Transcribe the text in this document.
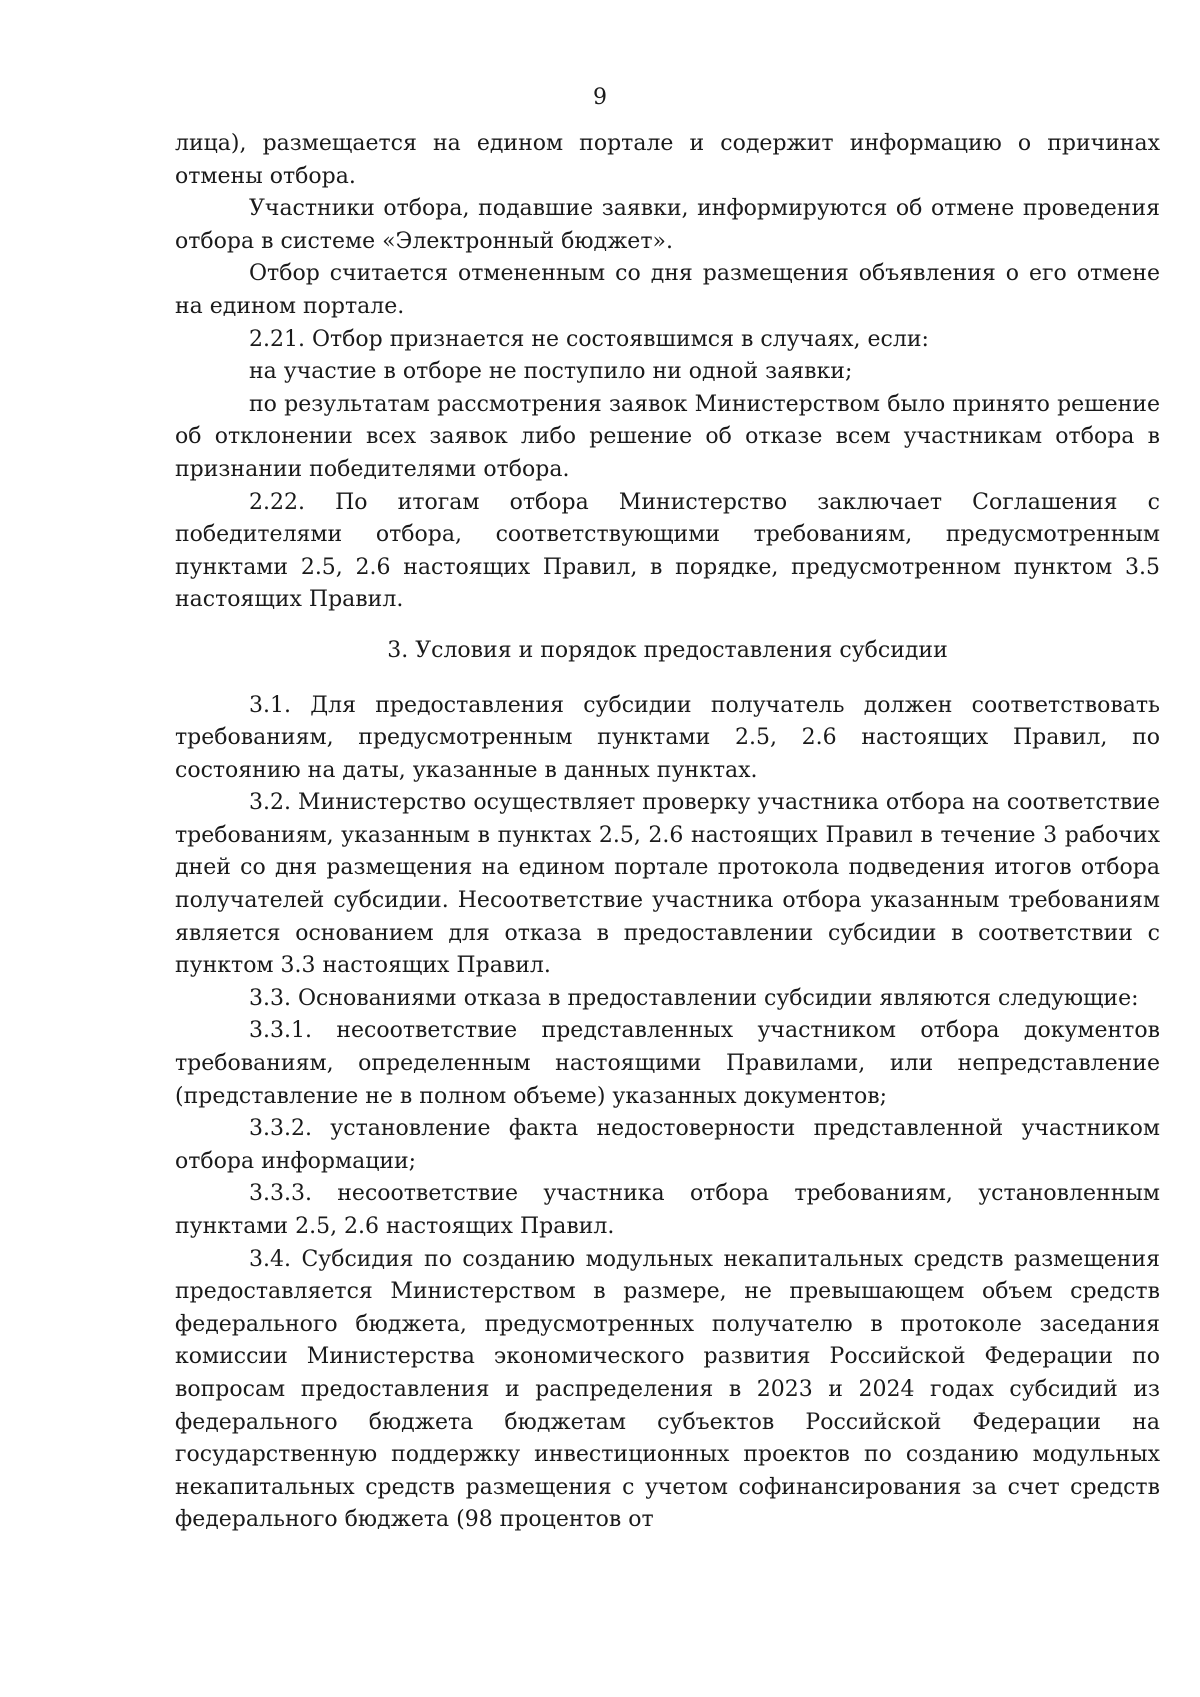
9

лица), размещается на едином портале и содержит информацию о причинах отмены отбора.

Участники отбора, подавшие заявки, информируются об отмене проведения отбора в системе «Электронный бюджет».

Отбор считается отмененным со дня размещения объявления о его отмене на едином портале.

2.21. Отбор признается не состоявшимся в случаях, если:

на участие в отборе не поступило ни одной заявки;

по результатам рассмотрения заявок Министерством было принято решение об отклонении всех заявок либо решение об отказе всем участникам отбора в признании победителями отбора.

2.22. По итогам отбора Министерство заключает Соглашения с победителями отбора, соответствующими требованиям, предусмотренным пунктами 2.5, 2.6 настоящих Правил, в порядке, предусмотренном пунктом 3.5 настоящих Правил.

3. Условия и порядок предоставления субсидии

3.1. Для предоставления субсидии получатель должен соответствовать требованиям, предусмотренным пунктами 2.5, 2.6 настоящих Правил, по состоянию на даты, указанные в данных пунктах.

3.2. Министерство осуществляет проверку участника отбора на соответствие требованиям, указанным в пунктах 2.5, 2.6 настоящих Правил в течение 3 рабочих дней со дня размещения на едином портале протокола подведения итогов отбора получателей субсидии. Несоответствие участника отбора указанным требованиям является основанием для отказа в предоставлении субсидии в соответствии с пунктом 3.3 настоящих Правил.

3.3. Основаниями отказа в предоставлении субсидии являются следующие:

3.3.1. несоответствие представленных участником отбора документов требованиям, определенным настоящими Правилами, или непредставление (представление не в полном объеме) указанных документов;

3.3.2. установление факта недостоверности представленной участником отбора информации;

3.3.3. несоответствие участника отбора требованиям, установленным пунктами 2.5, 2.6 настоящих Правил.

3.4. Субсидия по созданию модульных некапитальных средств размещения предоставляется Министерством в размере, не превышающем объем средств федерального бюджета, предусмотренных получателю в протоколе заседания комиссии Министерства экономического развития Российской Федерации по вопросам предоставления и распределения в 2023 и 2024 годах субсидий из федерального бюджета бюджетам субъектов Российской Федерации на государственную поддержку инвестиционных проектов по созданию модульных некапитальных средств размещения с учетом софинансирования за счет средств федерального бюджета (98 процентов от
